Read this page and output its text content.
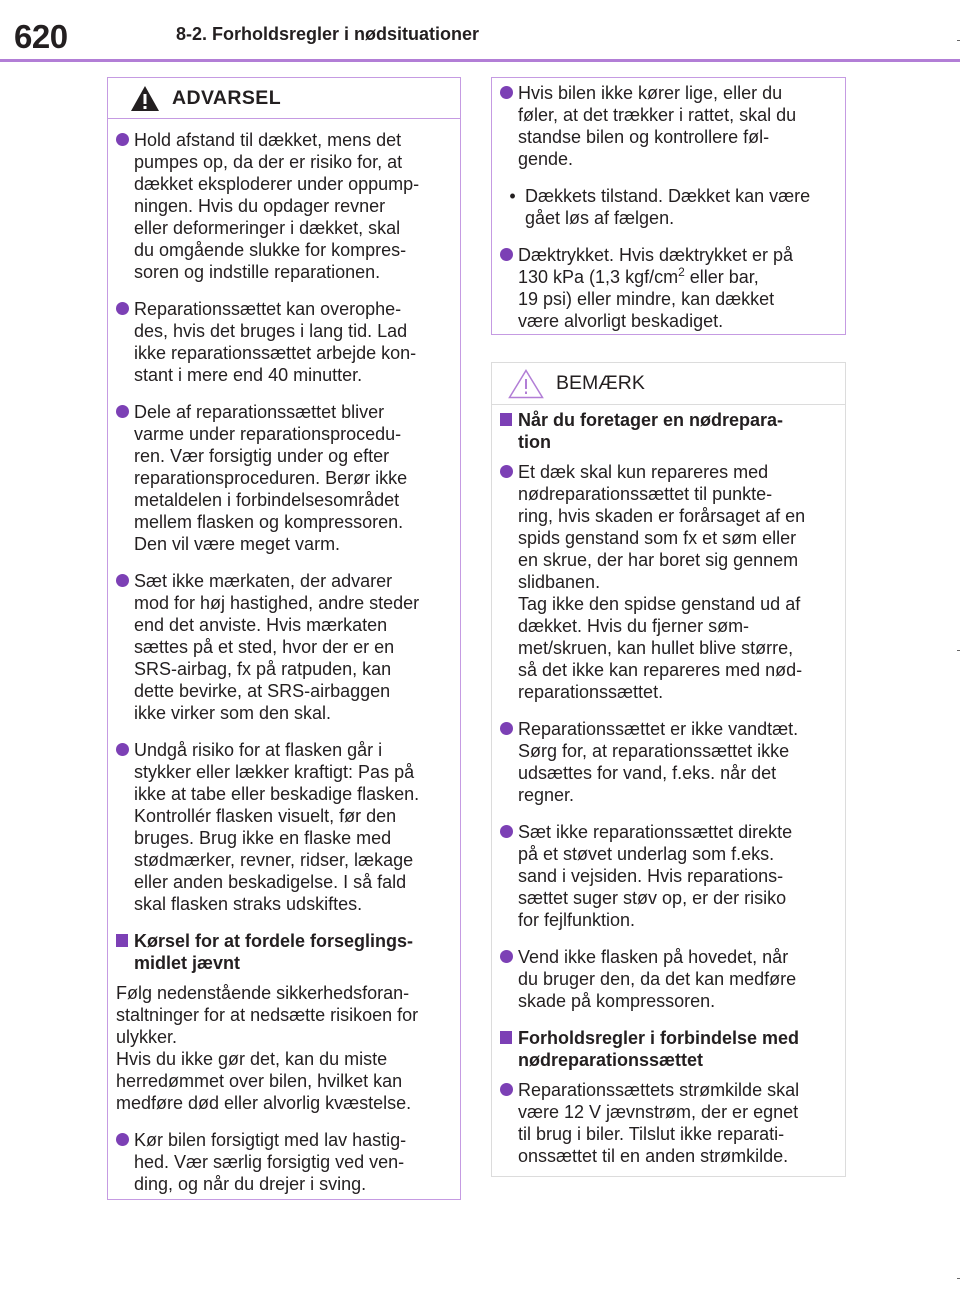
620	8-2. Forholdsregler i nødsituationer
ADVARSEL
Hold afstand til dækket, mens det
pumpes op, da der er risiko for, at
dækket eksploderer under oppump-
ningen. Hvis du opdager revner
eller deformeringer i dækket, skal
du omgående slukke for kompres-
soren og indstille reparationen.
Reparationssættet kan overophe-
des, hvis det bruges i lang tid. Lad
ikke reparationssættet arbejde kon-
stant i mere end 40 minutter.
Dele af reparationssættet bliver
varme under reparationsprocedu-
ren. Vær forsigtig under og efter
reparationsproceduren. Berør ikke
metaldelen i forbindelsesområdet
mellem flasken og kompressoren.
Den vil være meget varm.
Sæt ikke mærkaten, der advarer
mod for høj hastighed, andre steder
end det anviste. Hvis mærkaten
sættes på et sted, hvor der er en
SRS-airbag, fx på ratpuden, kan
dette bevirke, at SRS-airbaggen
ikke virker som den skal.
Undgå risiko for at flasken går i
stykker eller lækker kraftigt: Pas på
ikke at tabe eller beskadige flasken.
Kontrollér flasken visuelt, før den
bruges. Brug ikke en flaske med
stødmærker, revner, ridser, lækage
eller anden beskadigelse. I så fald
skal flasken straks udskiftes.
Kørsel for at fordele forseglings-
midlet jævnt
Følg nedenstående sikkerhedsforan-
staltninger for at nedsætte risikoen for
ulykker.
Hvis du ikke gør det, kan du miste
herredømmet over bilen, hvilket kan
medføre død eller alvorlig kvæstelse.
Kør bilen forsigtigt med lav hastig-
hed. Vær særlig forsigtig ved ven-
ding, og når du drejer i sving.
Hvis bilen ikke kører lige, eller du
føler, at det trækker i rattet, skal du
standse bilen og kontrollere føl-
gende.
• Dækkets tilstand. Dækket kan være
gået løs af fælgen.
Dæktrykket. Hvis dæktrykket er på
130 kPa (1,3 kgf/$cm^2$ eller bar,
19 psi) eller mindre, kan dækket
være alvorligt beskadiget.
BEMÆRK
Når du foretager en nødrepara-
tion
Et dæk skal kun repareres med
nødreparationssættet til punkte-
ring, hvis skaden er forårsaget af en
spids genstand som fx et søm eller
en skrue, der har boret sig gennem
slidbanen.
Tag ikke den spidse genstand ud af
dækket. Hvis du fjerner søm-
met/skruen, kan hullet blive større,
så det ikke kan repareres med nød-
reparationssættet.
Reparationssættet er ikke vandtæt.
Sørg for, at reparationssættet ikke
udsættes for vand, f.eks. når det
regner.
Sæt ikke reparationssættet direkte
på et støvet underlag som f.eks.
sand i vejsiden. Hvis reparations-
sættet suger støv op, er der risiko
for fejlfunktion.
Vend ikke flasken på hovedet, når
du bruger den, da det kan medføre
skade på kompressoren.
Forholdsregler i forbindelse med
nødreparationssættet
Reparationssættets strømkilde skal
være 12 V jævnstrøm, der er egnet
til brug i biler. Tilslut ikke reparati-
onssættet til en anden strømkilde.
